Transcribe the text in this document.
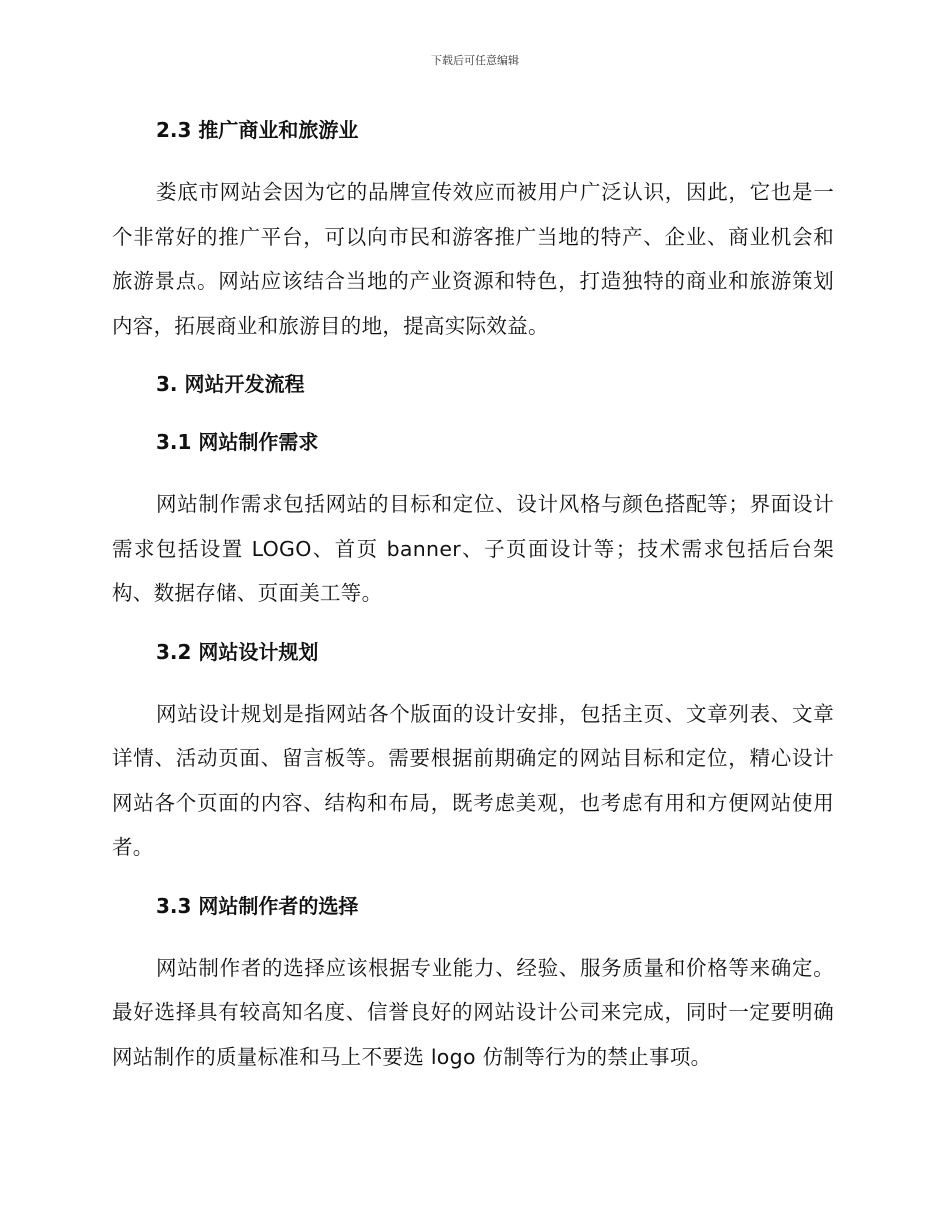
下载后可任意编辑
2.3 推广商业和旅游业

娄底市网站会因为它的品牌宣传效应而被用户广泛认识，因此，它也是一个非常好的推广平台，可以向市民和游客推广当地的特产、企业、商业机会和旅游景点。网站应该结合当地的产业资源和特色，打造独特的商业和旅游策划内容，拓展商业和旅游目的地，提高实际效益。

3. 网站开发流程
3.1 网站制作需求

网站制作需求包括网站的目标和定位、设计风格与颜色搭配等；界面设计需求包括设置 LOGO、首页 banner、子页面设计等；技术需求包括后台架构、数据存储、页面美工等。

3.2 网站设计规划

网站设计规划是指网站各个版面的设计安排，包括主页、文章列表、文章详情、活动页面、留言板等。需要根据前期确定的网站目标和定位，精心设计网站各个页面的内容、结构和布局，既考虑美观，也考虑有用和方便网站使用者。

3.3 网站制作者的选择

网站制作者的选择应该根据专业能力、经验、服务质量和价格等来确定。最好选择具有较高知名度、信誉良好的网站设计公司来完成，同时一定要明确网站制作的质量标准和马上不要选 logo 仿制等行为的禁止事项。
